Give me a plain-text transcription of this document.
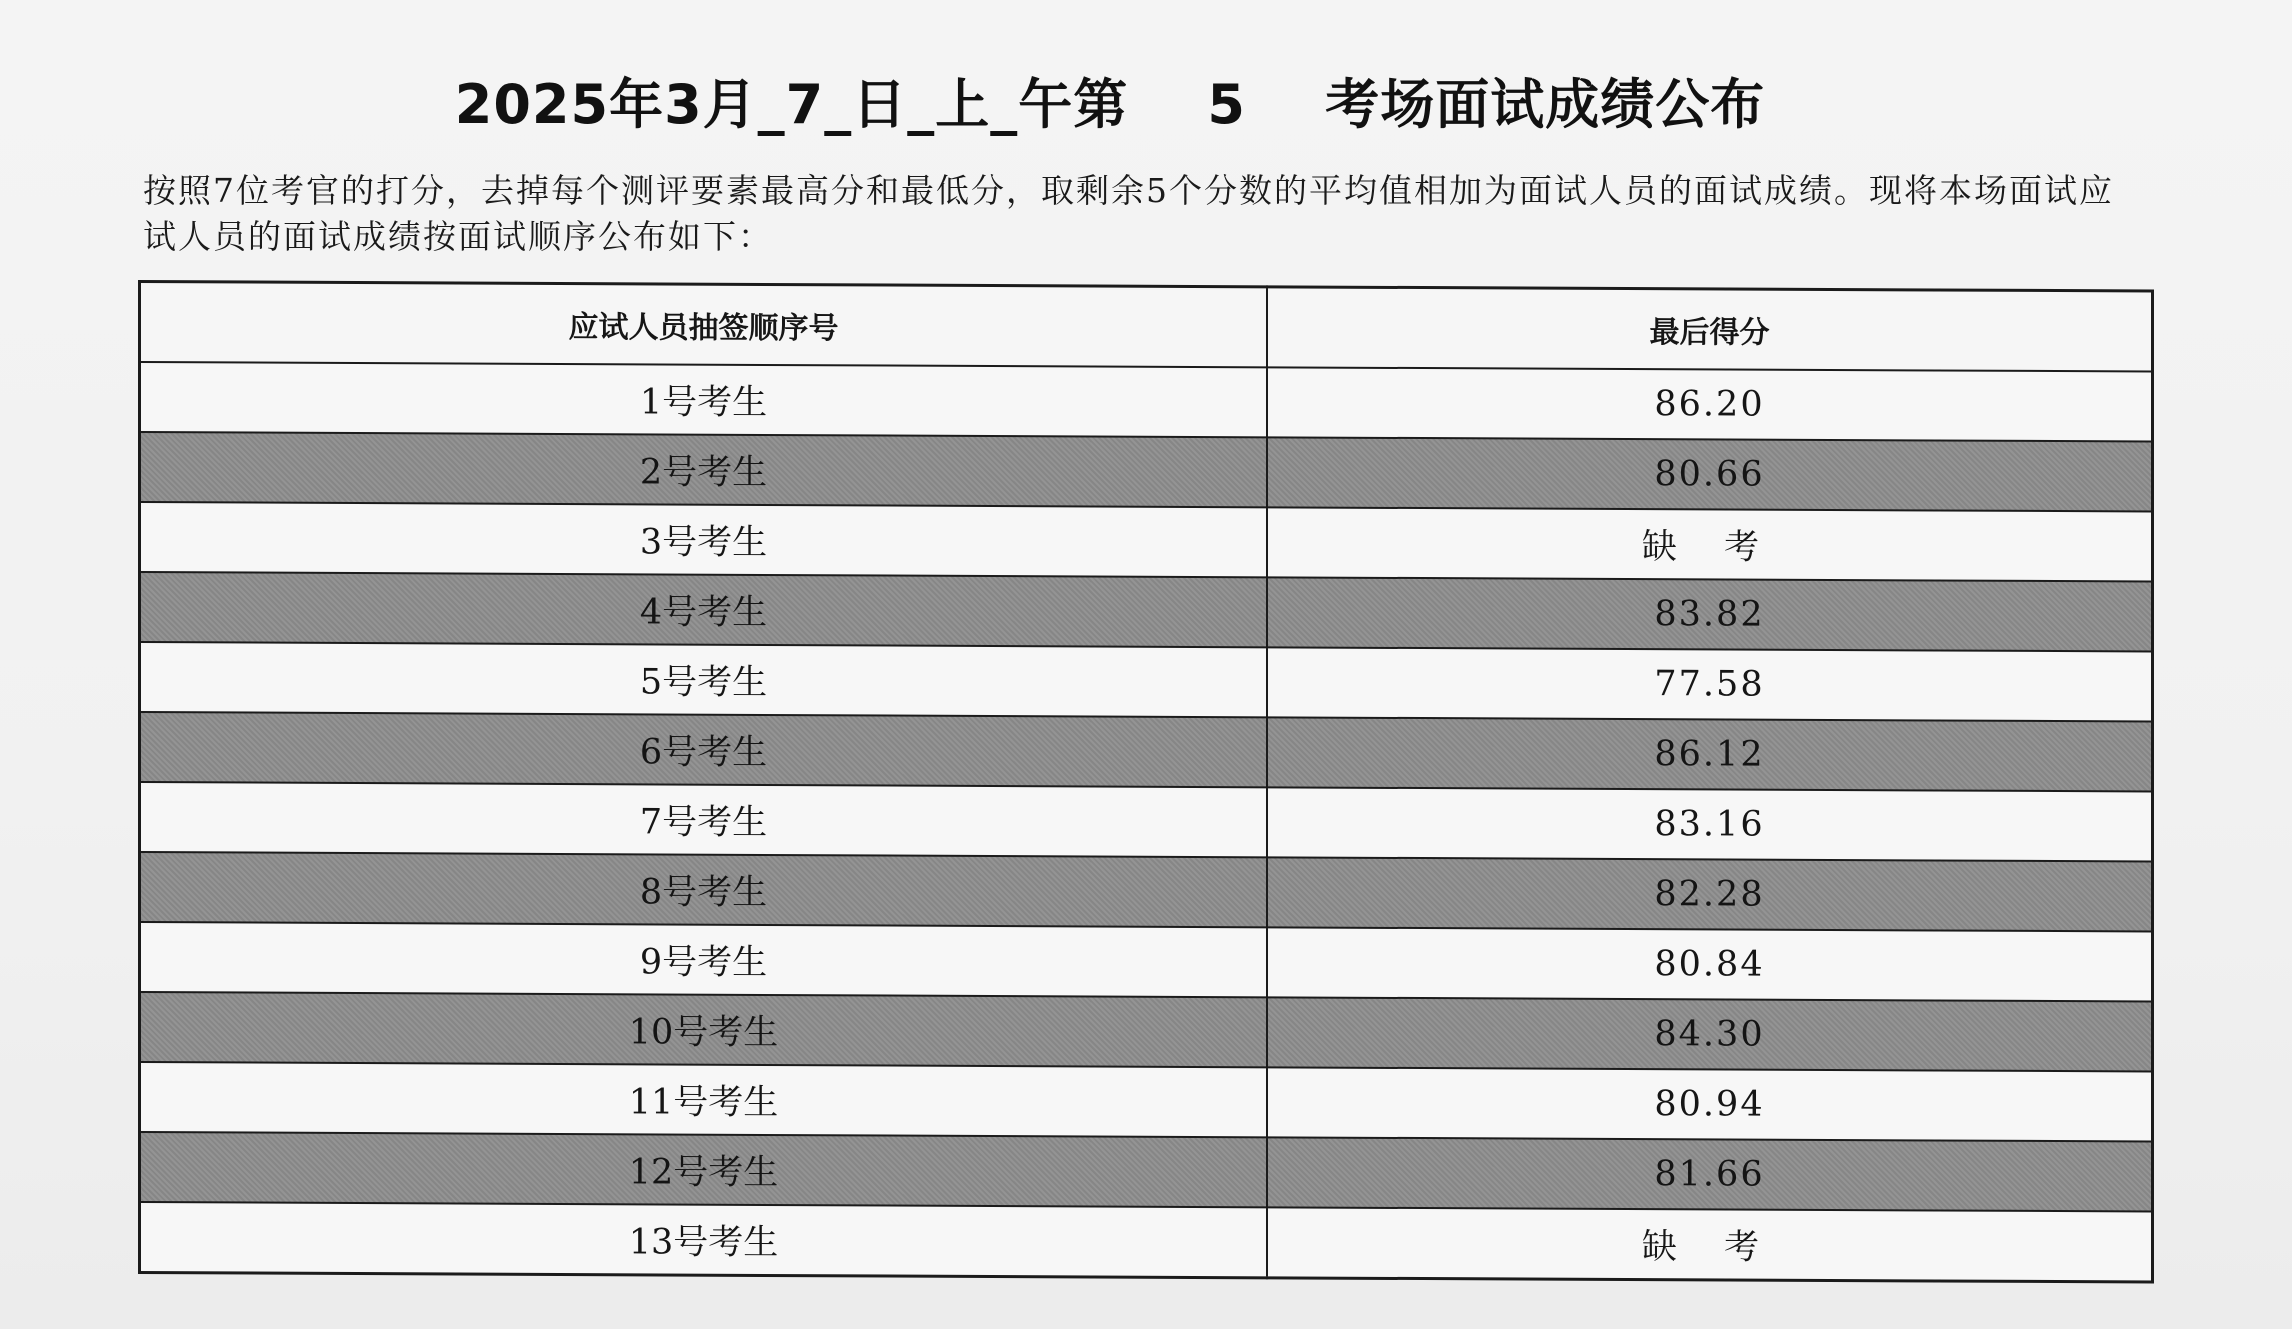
2025年3月_7_日_上_午第    5    考场面试成绩公布
按照7位考官的打分，去掉每个测评要素最高分和最低分，取剩余5个分数的平均值相加为面试人员的面试成绩。现将本场面试应试人员的面试成绩按面试顺序公布如下：
应试人员抽签顺序号	最后得分
1号考生	86.20
2号考生	80.66
3号考生	缺 考
4号考生	83.82
5号考生	77.58
6号考生	86.12
7号考生	83.16
8号考生	82.28
9号考生	80.84
10号考生	84.30
11号考生	80.94
12号考生	81.66
13号考生	缺 考
